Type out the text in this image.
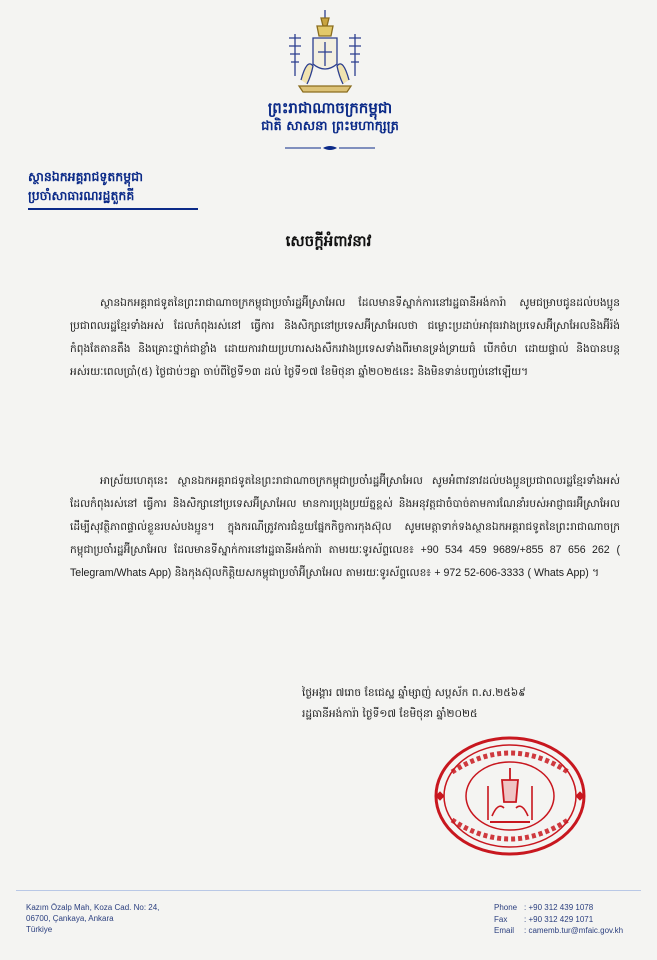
ព្រះរាជាណាចក្រកម្ពុជា
ជាតិ សាសនា ព្រះមហាក្សត្រ
ស្ថានឯកអគ្គរាជទូតកម្ពុជា
ប្រចាំសាធារណរដ្ឋតួកគី
សេចក្តីអំពាវនាវ

ស្ថានឯកអគ្គរាជទូតនៃព្រះរាជាណាចក្រកម្ពុជាប្រចាំរដ្ឋអ៊ីស្រាអែល ដែលមានទីស្នាក់ការនៅរដ្ឋធានីអង់ការ៉ា សូមជម្រាបជូនដល់បងប្អូនប្រជាពលរដ្ឋខ្មែរទាំងអស់ ដែលកំពុងរស់នៅ ធ្វើការ និងសិក្សានៅប្រទេសអ៊ីស្រាអែលថា ជម្លោះប្រដាប់អាវុធរវាងប្រទេសអ៊ីស្រាអែលនិងអ៊ីរ៉ង់កំពុងតែតានតឹង និងគ្រោះថ្នាក់ជាខ្លាំង ដោយការវាយប្រហារសងសឹករវាងប្រទេសទាំងពីរមានទ្រង់ទ្រាយធំ បើកចំហ ដោយផ្ទាល់ និងបានបន្តអស់រយៈពេលប្រាំ(៥) ថ្ងៃជាប់ៗគ្នា ចាប់ពីថ្ងៃទី១៣ ដល់ ថ្ងៃទី១៧ ខែមិថុនា ឆ្នាំ២០២៥នេះ និងមិនទាន់បញ្ចប់នៅឡើយ។

អាស្រ័យហេតុនេះ ស្ថានឯកអគ្គរាជទូតនៃព្រះរាជាណាចក្រកម្ពុជាប្រចាំរដ្ឋអ៊ីស្រាអែល សូមអំពាវនាវដល់បងប្អូនប្រជាពលរដ្ឋខ្មែរទាំងអស់ដែលកំពុងរស់នៅ ធ្វើការ និងសិក្សានៅប្រទេសអ៊ីស្រាអែល មានការប្រុងប្រយ័ត្នខ្ពស់ និងអនុវត្តជាចំបាច់តាមការណែនាំរបស់អាជ្ញាធរអ៊ីស្រាអែល ដើម្បីសុវត្ថិភាពផ្ទាល់ខ្លួនរបស់បងប្អូន។ ក្នុងករណីត្រូវការជំនួយផ្នែកកិច្ចការកុងស៊ុល សូមមេត្តាទាក់ទងស្ថានឯកអគ្គរាជទូតនៃព្រះរាជាណាចក្រកម្ពុជាប្រចាំរដ្ឋអ៊ីស្រាអែល ដែលមានទីស្នាក់ការនៅរដ្ឋធានីអង់ការ៉ា តាមរយៈទូរស័ព្ទលេខ៖ +90 534 459 9689/+855 87 656 262 ( Telegram/Whats App) និងកុងស៊ុលកិត្តិយសកម្ពុជាប្រចាំអ៊ីស្រាអែល តាមរយៈទូរស័ព្ទលេខ៖ + 972 52-606-3333 ( Whats App) ។

ថ្ងៃអង្គារ ៧រោច ខែជេស្ឋ ឆ្នាំម្សាញ់ សប្តស័ក ព.ស.២៥៦៩
រដ្ឋធានីអង់ការ៉ា ថ្ងៃទី១៧ ខែមិថុនា ឆ្នាំ២០២៥
Kazım Özalp Mah, Koza Cad. No: 24,
06700, Çankaya, Ankara
Türkiye
Phone : +90 312 439 1078
Fax : +90 312 429 1071
Email : camemb.tur@mfaic.gov.kh
